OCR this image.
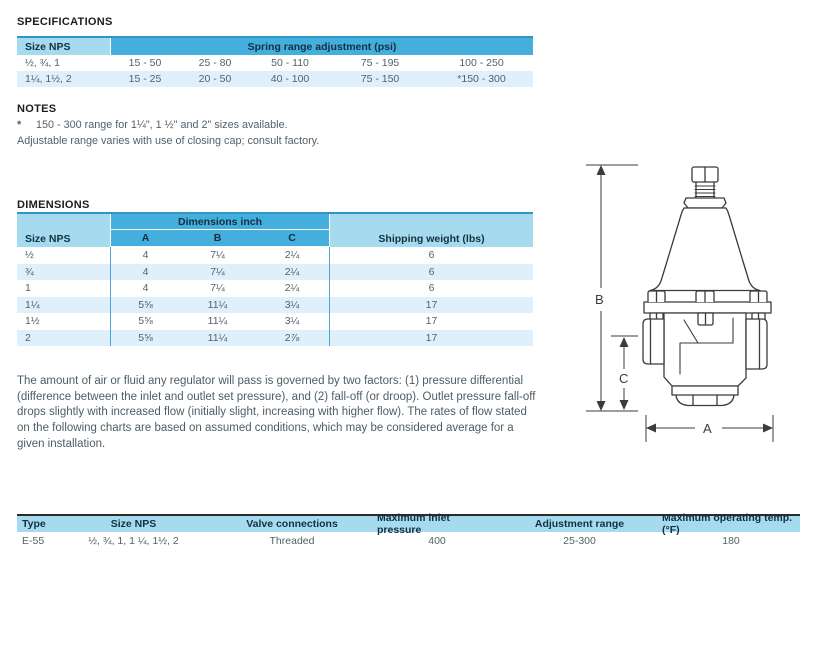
SPECIFICATIONS
Size NPS	Spring range adjustment (psi)
½, ¾, 1	15 - 50	25 - 80	50 - 110	75 - 195	100 - 250
1¼, 1½, 2	15 - 25	20 - 50	40 - 100	75 - 150	*150 - 300
NOTES
* 150 - 300 range for 1¼", 1 ½" and 2" sizes available.
Adjustable range varies with use of closing cap; consult factory.
DIMENSIONS
Size NPS
Dimensions inch
A	B	C	Shipping weight (lbs)
½	4	7¼	2¼	6
¾	4	7¼	2¼	6
1	4	7¼	2¼	6
1¼	5⅝	11¼	3¼	17
1½	5⅝	11¼	3¼	17
2	5⅝	11¼	2⅞	17
The amount of air or fluid any regulator will pass is governed by two factors: (1) pressure differential (difference between the inlet and outlet set pressure), and (2) fall-off (or droop). Outlet pressure fall-off drops slightly with increased flow (initially slight, increasing with higher flow). The rates of flow stated on the following charts are based on assumed conditions, which may be considered average for a given installation.
Type	Size NPS	Valve connections	Maximum inlet pressure	Adjustment range	Maximum operating temp. (°F)
E-55	½, ¾, 1, 1 ¼, 1½, 2	Threaded	400	25-300	180
B
C
A
